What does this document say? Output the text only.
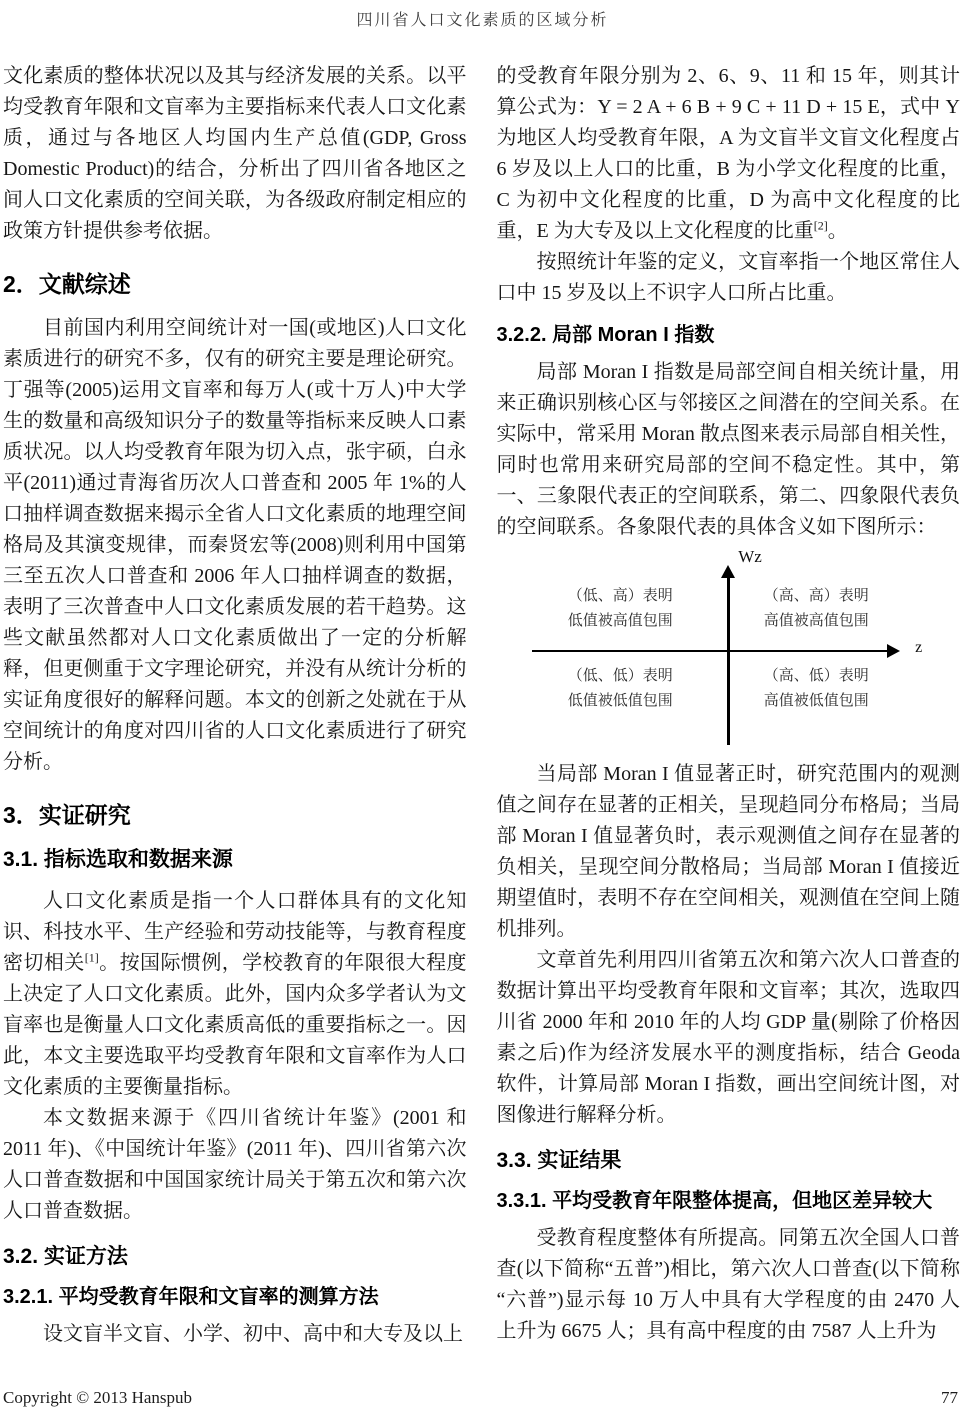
四川省人口文化素质的区域分析

文化素质的整体状况以及其与经济发展的关系。以平均受教育年限和文盲率为主要指标来代表人口文化素质，通过与各地区人均国内生产总值(GDP, Gross Domestic Product)的结合，分析出了四川省各地区之间人口文化素质的空间关联，为各级政府制定相应的政策方针提供参考依据。

2．文献综述

目前国内利用空间统计对一国(或地区)人口文化素质进行的研究不多，仅有的研究主要是理论研究。丁强等(2005)运用文盲率和每万人(或十万人)中大学生的数量和高级知识分子的数量等指标来反映人口素质状况。以人均受教育年限为切入点，张宇硕，白永平(2011)通过青海省历次人口普查和 2005 年 1%的人口抽样调查数据来揭示全省人口文化素质的地理空间格局及其演变规律，而秦贤宏等(2008)则利用中国第三至五次人口普查和 2006 年人口抽样调查的数据，表明了三次普查中人口文化素质发展的若干趋势。这些文献虽然都对人口文化素质做出了一定的分析解释，但更侧重于文字理论研究，并没有从统计分析的实证角度很好的解释问题。本文的创新之处就在于从空间统计的角度对四川省的人口文化素质进行了研究分析。

3．实证研究
3.1. 指标选取和数据来源

人口文化素质是指一个人口群体具有的文化知识、科技水平、生产经验和劳动技能等，与教育程度密切相关[1]。按国际惯例，学校教育的年限很大程度上决定了人口文化素质。此外，国内众多学者认为文盲率也是衡量人口文化素质高低的重要指标之一。因此，本文主要选取平均受教育年限和文盲率作为人口文化素质的主要衡量指标。

本文数据来源于《四川省统计年鉴》(2001 和 2011 年)、《中国统计年鉴》(2011 年)、四川省第六次人口普查数据和中国国家统计局关于第五次和第六次人口普查数据。

3.2. 实证方法
3.2.1. 平均受教育年限和文盲率的测算方法

设文盲半文盲、小学、初中、高中和大专及以上

的受教育年限分别为 2、6、9、11 和 15 年，则其计算公式为：Y = 2 A + 6 B + 9 C + 11 D + 15 E，式中 Y 为地区人均受教育年限，A 为文盲半文盲文化程度占 6 岁及以上人口的比重，B 为小学文化程度的比重，C 为初中文化程度的比重，D 为高中文化程度的比重，E 为大专及以上文化程度的比重[2]。

按照统计年鉴的定义，文盲率指一个地区常住人口中 15 岁及以上不识字人口所占比重。

3.2.2. 局部 Moran I 指数

局部 Moran I 指数是局部空间自相关统计量，用来正确识别核心区与邻接区之间潜在的空间关系。在实际中，常采用 Moran 散点图来表示局部自相关性，同时也常用来研究局部的空间不稳定性。其中，第一、三象限代表正的空间联系，第二、四象限代表负的空间联系。各象限代表的具体含义如下图所示：

Wz
z
（低、高）表明
低值被高值包围
（高、高）表明
高值被高值包围
（低、低）表明
低值被低值包围
（高、低）表明
高值被低值包围

当局部 Moran I 值显著正时，研究范围内的观测值之间存在显著的正相关，呈现趋同分布格局；当局部 Moran I 值显著负时，表示观测值之间存在显著的负相关，呈现空间分散格局；当局部 Moran I 值接近期望值时，表明不存在空间相关，观测值在空间上随机排列。

文章首先利用四川省第五次和第六次人口普查的数据计算出平均受教育年限和文盲率；其次，选取四川省 2000 年和 2010 年的人均 GDP 量(剔除了价格因素之后)作为经济发展水平的测度指标，结合 Geoda 软件，计算局部 Moran I 指数，画出空间统计图，对图像进行解释分析。

3.3. 实证结果
3.3.1. 平均受教育年限整体提高，但地区差异较大

受教育程度整体有所提高。同第五次全国人口普查(以下简称“五普”)相比，第六次人口普查(以下简称“六普”)显示每 10 万人中具有大学程度的由 2470 人上升为 6675 人；具有高中程度的由 7587 人上升为

Copyright © 2013 Hanspub	77
